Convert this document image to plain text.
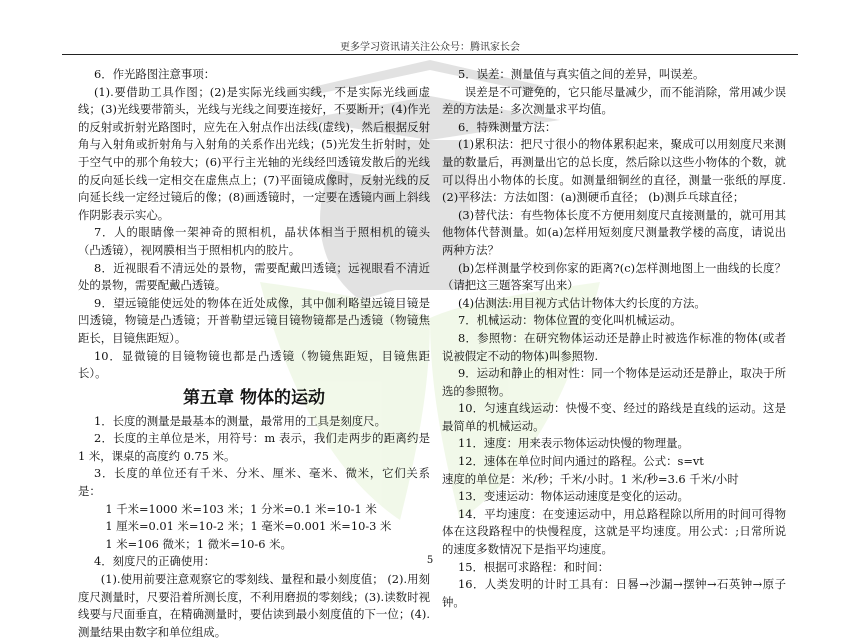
更多学习资讯请关注公众号：腾讯家长会

6．作光路图注意事项：

(1).要借助工具作图；(2)是实际光线画实线，不是实际光线画虚线；(3)光线要带箭头，光线与光线之间要连接好，不要断开；(4)作光的反射或折射光路图时，应先在入射点作出法线(虚线)，然后根据反射角与入射角或折射角与入射角的关系作出光线；(5)光发生折射时，处于空气中的那个角较大；(6)平行主光轴的光线经凹透镜发散后的光线的反向延长线一定相交在虚焦点上；(7)平面镜成像时，反射光线的反向延长线一定经过镜后的像；(8)画透镜时，一定要在透镜内画上斜线作阴影表示实心。

7．人的眼睛像一架神奇的照相机，晶状体相当于照相机的镜头（凸透镜），视网膜相当于照相机内的胶片。

8．近视眼看不清远处的景物，需要配戴凹透镜；远视眼看不清近处的景物，需要配戴凸透镜。

9．望远镜能使远处的物体在近处成像，其中伽利略望远镜目镜是凹透镜，物镜是凸透镜；开普勒望远镜目镜物镜都是凸透镜（物镜焦距长，目镜焦距短）。

10．显微镜的目镜物镜也都是凸透镜（物镜焦距短，目镜焦距长）。

第五章 物体的运动

1．长度的测量是最基本的测量，最常用的工具是刻度尺。

2．长度的主单位是米，用符号：m 表示，我们走两步的距离约是 1 米，课桌的高度约 0.75 米。

3．长度的单位还有千米、分米、厘米、毫米、微米，它们关系是：

1 千米=1000 米=103 米；1 分米=0.1 米=10-1 米

1 厘米=0.01 米=10-2 米；1 毫米=0.001 米=10-3 米

1 米=106 微米；1 微米=10-6 米。

4．刻度尺的正确使用：

(1).使用前要注意观察它的零刻线、量程和最小刻度值； (2).用刻度尺测量时，尺要沿着所测长度，不利用磨损的零刻线；(3).读数时视线要与尺面垂直，在精确测量时，要估读到最小刻度值的下一位；(4). 测量结果由数字和单位组成。

5．误差：测量值与真实值之间的差异，叫误差。

误差是不可避免的，它只能尽量减少，而不能消除，常用减少误差的方法是：多次测量求平均值。

6．特殊测量方法：

(1)累积法：把尺寸很小的物体累积起来，聚成可以用刻度尺来测量的数量后，再测量出它的总长度，然后除以这些小物体的个数，就可以得出小物体的长度。如测量细铜丝的直径，测量一张纸的厚度.(2)平移法：方法如图：(a)测硬币直径； (b)测乒乓球直径；

(3)替代法：有些物体长度不方便用刻度尺直接测量的，就可用其他物体代替测量。如(a)怎样用短刻度尺测量教学楼的高度，请说出两种方法？

(b)怎样测量学校到你家的距离?(c)怎样测地图上一曲线的长度？（请把这三题答案写出来）

(4)估测法:用目视方式估计物体大约长度的方法。

7．机械运动：物体位置的变化叫机械运动。

8．参照物：在研究物体运动还是静止时被选作标准的物体(或者说被假定不动的物体)叫参照物.

9．运动和静止的相对性：同一个物体是运动还是静止，取决于所选的参照物。

10．匀速直线运动：快慢不变、经过的路线是直线的运动。这是最简单的机械运动。

11．速度：用来表示物体运动快慢的物理量。

12．速体在单位时间内通过的路程。公式：s=vt

速度的单位是：米/秒；千米/小时。1 米/秒=3.6 千米/小时

13．变速运动：物体运动速度是变化的运动。

14．平均速度：在变速运动中，用总路程除以所用的时间可得物体在这段路程中的快慢程度，这就是平均速度。用公式：;日常所说的速度多数情况下是指平均速度。

15．根据可求路程：和时间：

16．人类发明的计时工具有：日晷→沙漏→摆钟→石英钟→原子钟。

5
